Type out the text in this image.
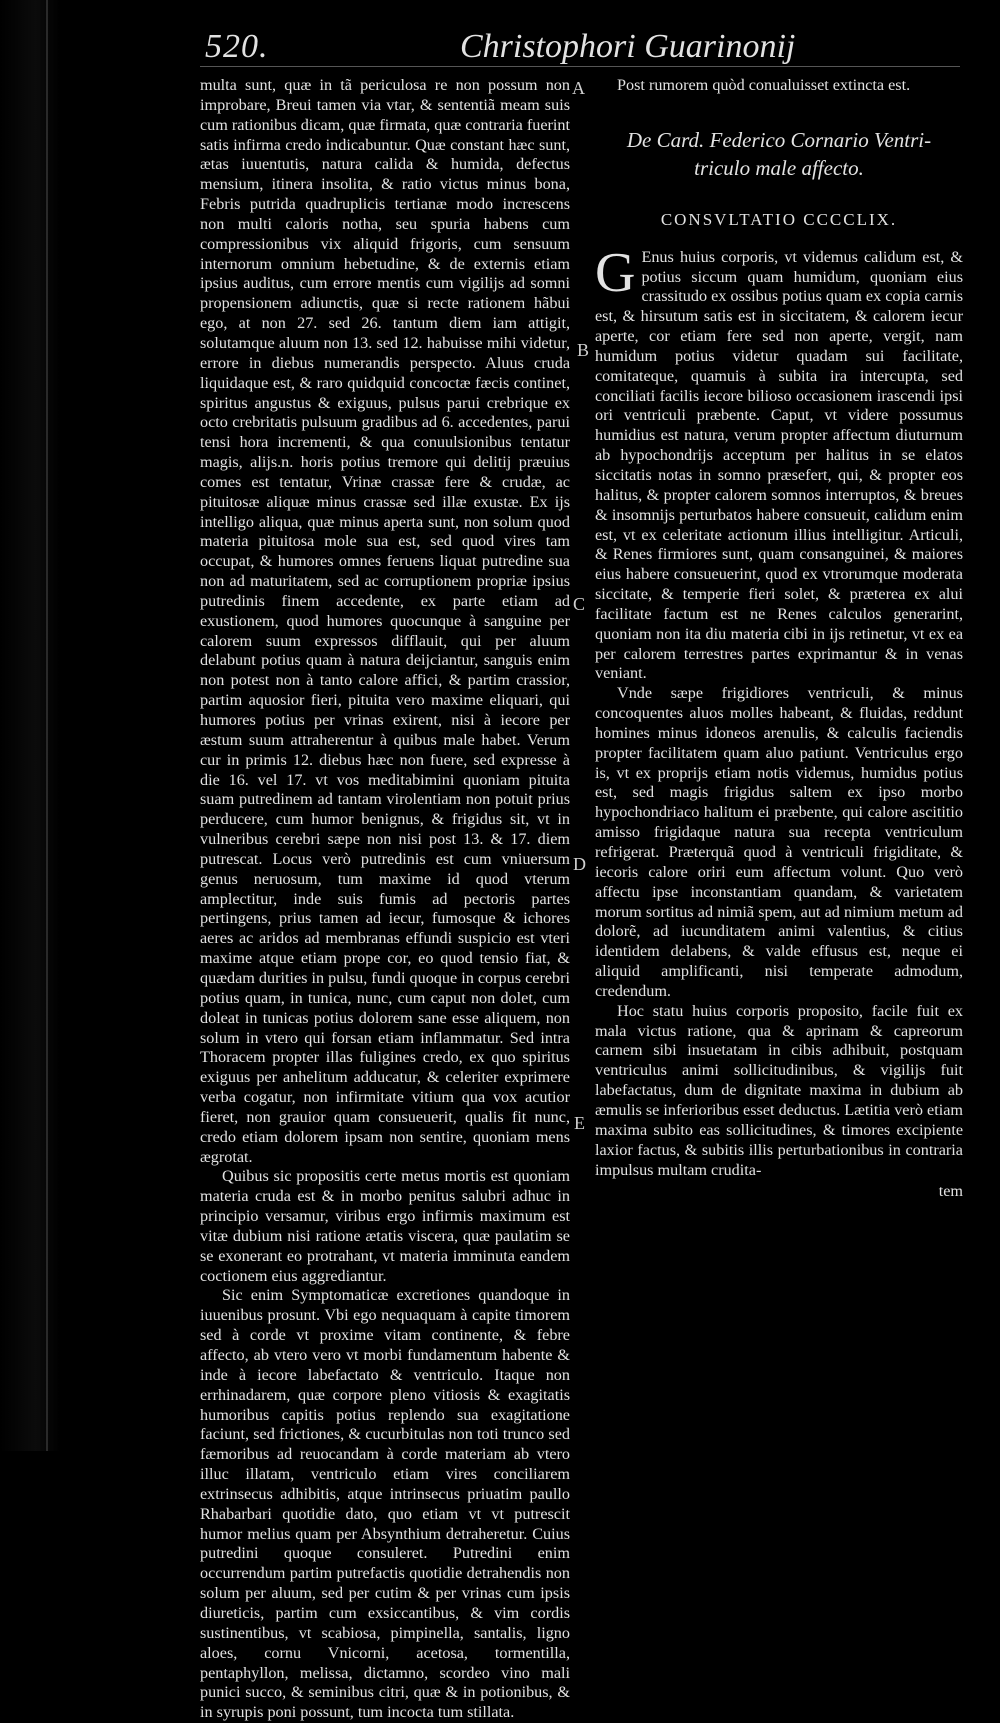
520.	Christophori Guarinonij

multa sunt, quæ in tã periculosa re non possum non improbare, Breui tamen via vtar, & sententiã meam suis cum rationibus dicam, quæ firmata, quæ contraria fuerint satis infirma credo indicabuntur. Quæ constant hæc sunt, ætas iuuentutis, natura calida & humida, defectus mensium, itinera insolita, & ratio victus minus bona, Febris putrida quadruplicis tertianæ modo increscens non multi caloris notha, seu spuria habens cum compressionibus vix aliquid frigoris, cum sensuum internorum omnium hebetudine, & de externis etiam ipsius auditus, cum errore mentis cum vigilijs ad somni propensionem adiunctis, quæ si recte rationem hãbui ego, at non 27. sed 26. tantum diem iam attigit, solutamque aluum non 13. sed 12. habuisse mihi videtur, errore in diebus numerandis perspecto. Aluus cruda liquidaque est, & raro quidquid concoctæ fæcis continet, spiritus angustus & exiguus, pulsus parui crebrique ex octo crebritatis pulsuum gradibus ad 6. accedentes, parui tensi hora incrementi, & qua conuulsionibus tentatur magis, alijs.n. horis potius tremore qui delitij præuius comes est tentatur, Vrinæ crassæ fere & crudæ, ac pituitosæ aliquæ minus crassæ sed illæ exustæ. Ex ijs intelligo aliqua, quæ minus aperta sunt, non solum quod materia pituitosa mole sua est, sed quod vires tam occupat, & humores omnes feruens liquat putredine sua non ad maturitatem, sed ac corruptionem propriæ ipsius putredinis finem accedente, ex parte etiam ad exustionem, quod humores quocunque à sanguine per calorem suum expressos difflauit, qui per aluum delabunt potius quam à natura deijciantur, sanguis enim non potest non à tanto calore affici, & partim crassior, partim aquosior fieri, pituita vero maxime eliquari, qui humores potius per vrinas exirent, nisi à iecore per æstum suum attraherentur à quibus male habet. Verum cur in primis 12. diebus hæc non fuere, sed expresse à die 16. vel 17. vt vos meditabimini quoniam pituita suam putredinem ad tantam virolentiam non potuit prius perducere, cum humor benignus, & frigidus sit, vt in vulneribus cerebri sæpe non nisi post 13. & 17. diem putrescat. Locus verò putredinis est cum vniuersum genus neruosum, tum maxime id quod vterum amplectitur, inde suis fumis ad pectoris partes pertingens, prius tamen ad iecur, fumosque & ichores aeres ac aridos ad membranas effundi suspicio est vteri maxime atque etiam prope cor, eo quod tensio fiat, & quædam durities in pulsu, fundi quoque in corpus cerebri potius quam, in tunica, nunc, cum caput non dolet, cum doleat in tunicas potius dolorem sane esse aliquem, non solum in vtero qui forsan etiam inflammatur. Sed intra Thoracem propter illas fuligines credo, ex quo spiritus exiguus per anhelitum adducatur, & celeriter exprimere verba cogatur, non infirmitate vitium qua vox acutior fieret, non grauior quam consueuerit, qualis fit nunc, credo etiam dolorem ipsam non sentire, quoniam mens ægrotat.

Quibus sic propositis certe metus mortis est quoniam materia cruda est & in morbo penitus salubri adhuc in principio versamur, viribus ergo infirmis maximum est vitæ dubium nisi ratione ætatis viscera, quæ paulatim se se exonerant eo protrahant, vt materia imminuta eandem coctionem eius aggrediantur.

Sic enim Symptomaticæ excretiones quandoque in iuuenibus prosunt. Vbi ego nequaquam à capite timorem sed à corde vt proxime vitam continente, & febre affecto, ab vtero vero vt morbi fundamentum habente & inde à iecore labefactato & ventriculo. Itaque non errhinadarem, quæ corpore pleno vitiosis & exagitatis humoribus capitis potius replendo sua exagitatione faciunt, sed frictiones, & cucurbitulas non toti trunco sed fæmoribus ad reuocandam à corde materiam ab vtero illuc illatam, ventriculo etiam vires conciliarem extrinsecus adhibitis, atque intrinsecus priuatim paullo Rhabarbari quotidie dato, quo etiam vt vt putrescit humor melius quam per Absynthium detraheretur. Cuius putredini quoque consuleret. Putredini enim occurrendum partim putrefactis quotidie detrahendis non solum per aluum, sed per cutim & per vrinas cum ipsis diureticis, partim cum exsiccantibus, & vim cordis sustinentibus, vt scabiosa, pimpinella, santalis, ligno aloes, cornu Vnicorni, acetosa, tormentilla, pentaphyllon, melissa, dictamno, scordeo vino mali punici succo, & seminibus citri, quæ & in potionibus, & in syrupis poni possunt, tum incocta tum stillata.

A
B
C
D
E

Post rumorem quòd conualuisset extincta est.

De Card. Federico Cornario Ventri-
triculo male affecto.
CONSVLTATIO CCCCLIX.

G Enus huius corporis, vt videmus calidum est, & potius siccum quam humidum, quoniam eius crassitudo ex ossibus potius quam ex copia carnis est, & hirsutum satis est in siccitatem, & calorem iecur aperte, cor etiam fere sed non aperte, vergit, nam humidum potius videtur quadam sui facilitate, comitateque, quamuis à subita ira intercupta, sed conciliati facilis iecore bilioso occasionem irascendi ipsi ori ventriculi præbente. Caput, vt videre possumus humidius est natura, verum propter affectum diuturnum ab hypochondrijs acceptum per halitus in se elatos siccitatis notas in somno præsefert, qui, & propter eos halitus, & propter calorem somnos interruptos, & breues & insomnijs perturbatos habere consueuit, calidum enim est, vt ex celeritate actionum illius intelligitur. Articuli, & Renes firmiores sunt, quam consanguinei, & maiores eius habere consueuerint, quod ex vtrorumque moderata siccitate, & temperie fieri solet, & præterea ex alui facilitate factum est ne Renes calculos generarint, quoniam non ita diu materia cibi in ijs retinetur, vt ex ea per calorem terrestres partes exprimantur & in venas veniant.

Vnde sæpe frigidiores ventriculi, & minus concoquentes aluos molles habeant, & fluidas, reddunt homines minus idoneos arenulis, & calculis faciendis propter facilitatem quam aluo patiunt. Ventriculus ergo is, vt ex proprijs etiam notis videmus, humidus potius est, sed magis frigidus saltem ex ipso morbo hypochondriaco halitum ei præbente, qui calore ascititio amisso frigidaque natura sua recepta ventriculum refrigerat. Præterquã quod à ventriculi frigiditate, & iecoris calore oriri eum affectum volunt. Quo verò affectu ipse inconstantiam quandam, & varietatem morum sortitus ad nimiã spem, aut ad nimium metum ad dolorẽ, ad iucunditatem animi valentius, & citius identidem delabens, & valde effusus est, neque ei aliquid amplificanti, nisi temperate admodum, credendum.

Hoc statu huius corporis proposito, facile fuit ex mala victus ratione, qua & aprinam & capreorum carnem sibi insuetatam in cibis adhibuit, postquam ventriculus animi sollicitudinibus, & vigilijs fuit labefactatus, dum de dignitate maxima in dubium ab æmulis se inferioribus esset deductus. Lætitia verò etiam maxima subito eas sollicitudines, & timores excipiente laxior factus, & subitis illis perturbationibus in contraria impulsus multam crudita-

tem
